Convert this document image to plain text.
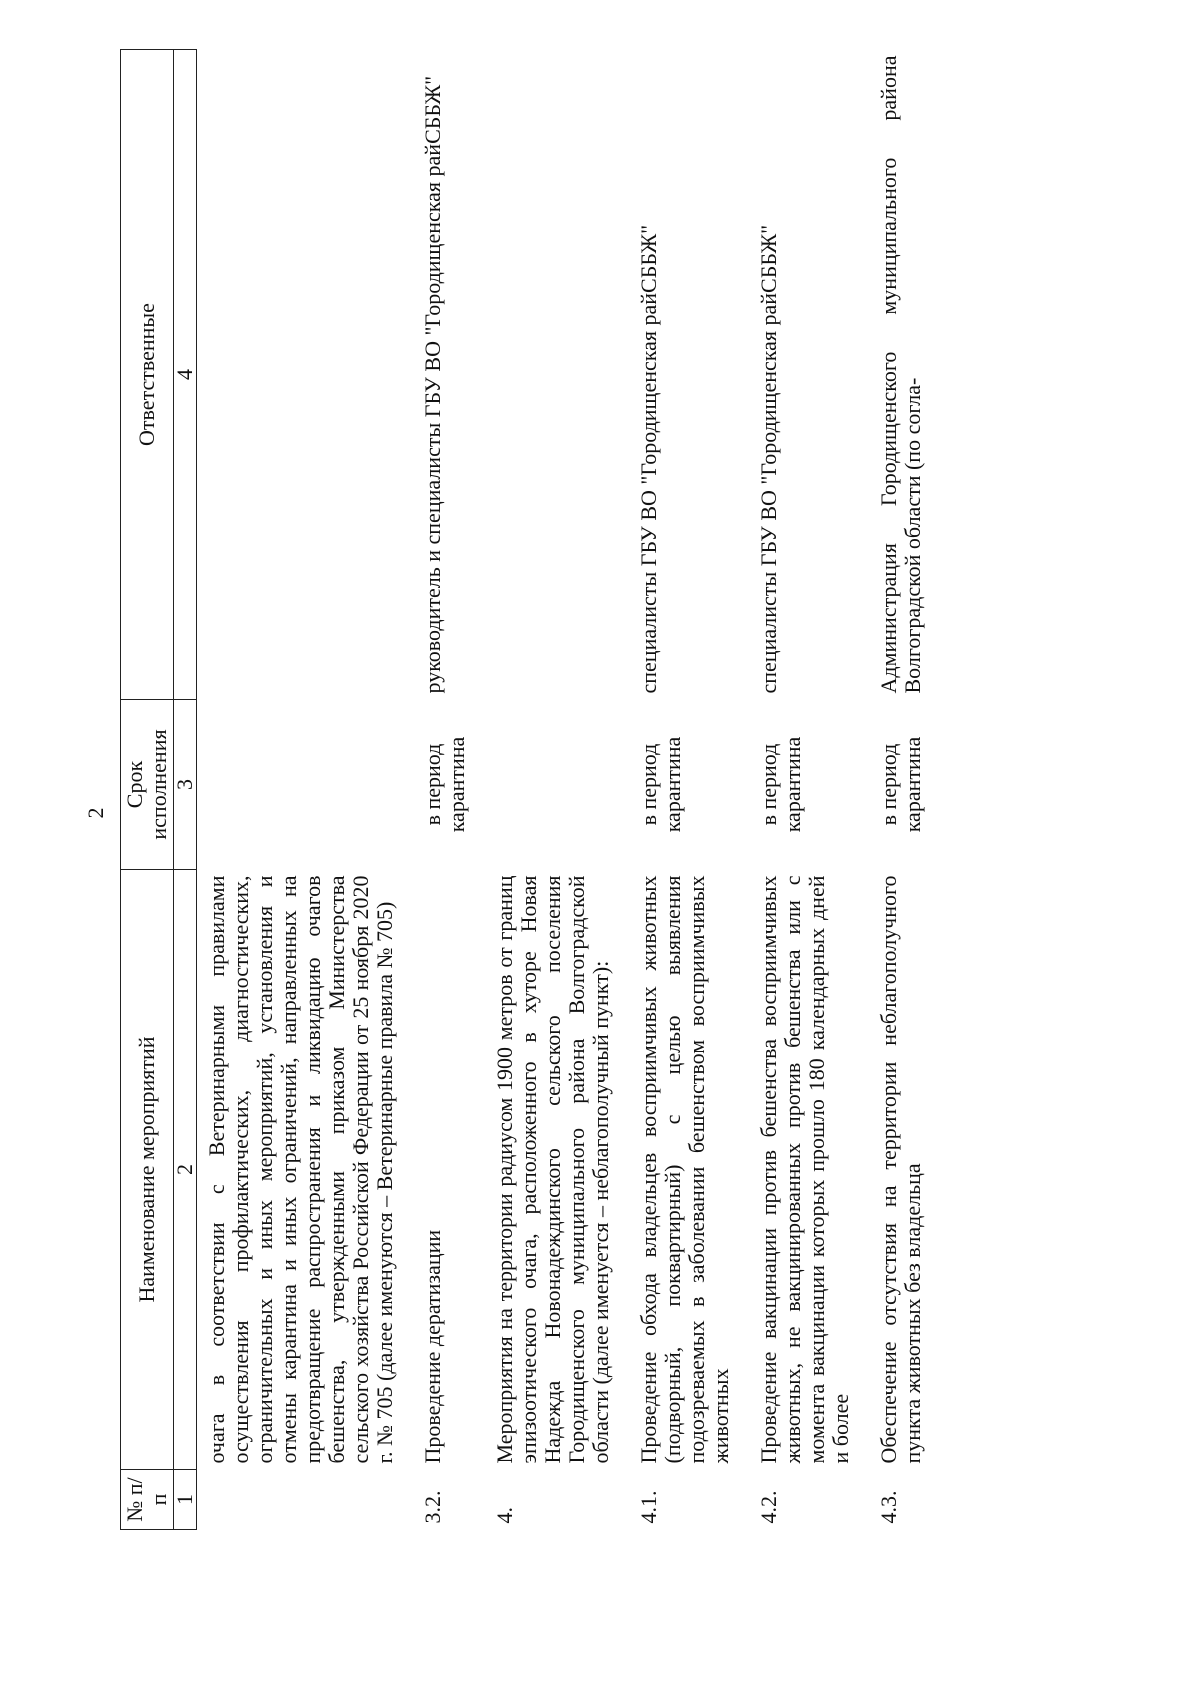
2
№ п/п	Наименование мероприятий	Срок исполнения	Ответственные
1	2	3	4
	очага в соответствии с Ветеринарными правилами осуществления профилактических, диагностических, ограничительных и иных мероприятий, установления и отмены карантина и иных ограничений, направленных на предотвращение распространения и ликвидацию очагов бешенства, утвержденными приказом Министерства сельского хозяйства Российской Федерации от 25 ноября 2020 г. № 705 (далее именуются – Ветеринарные правила № 705)		
3.2.	Проведение дератизации	в период карантина	руководитель и специалисты ГБУ ВО "Городищенская райСББЖ"
4.	Мероприятия на территории радиусом 1900 метров от границ эпизоотического очага, расположенного в хуторе Новая Надежда Новонадеждинского сельского поселения Городищенского муниципального района Волгоградской области (далее именуется – неблагополучный пункт):		
4.1.	Проведение обхода владельцев восприимчивых животных (подворный, поквартирный) с целью выявления подозреваемых в заболевании бешенством восприимчивых животных	в период карантина	специалисты ГБУ ВО "Городищенская райСББЖ"
4.2.	Проведение вакцинации против бешенства восприимчивых животных, не вакцинированных против бешенства или с момента вакцинации которых прошло 180 календарных дней и более	в период карантина	специалисты ГБУ ВО "Городищенская райСББЖ"
4.3.	Обеспечение отсутствия на территории неблагополучного пункта животных без владельца	в период карантина	Администрация Городищенского муниципального района Волгоградской области (по согла-
